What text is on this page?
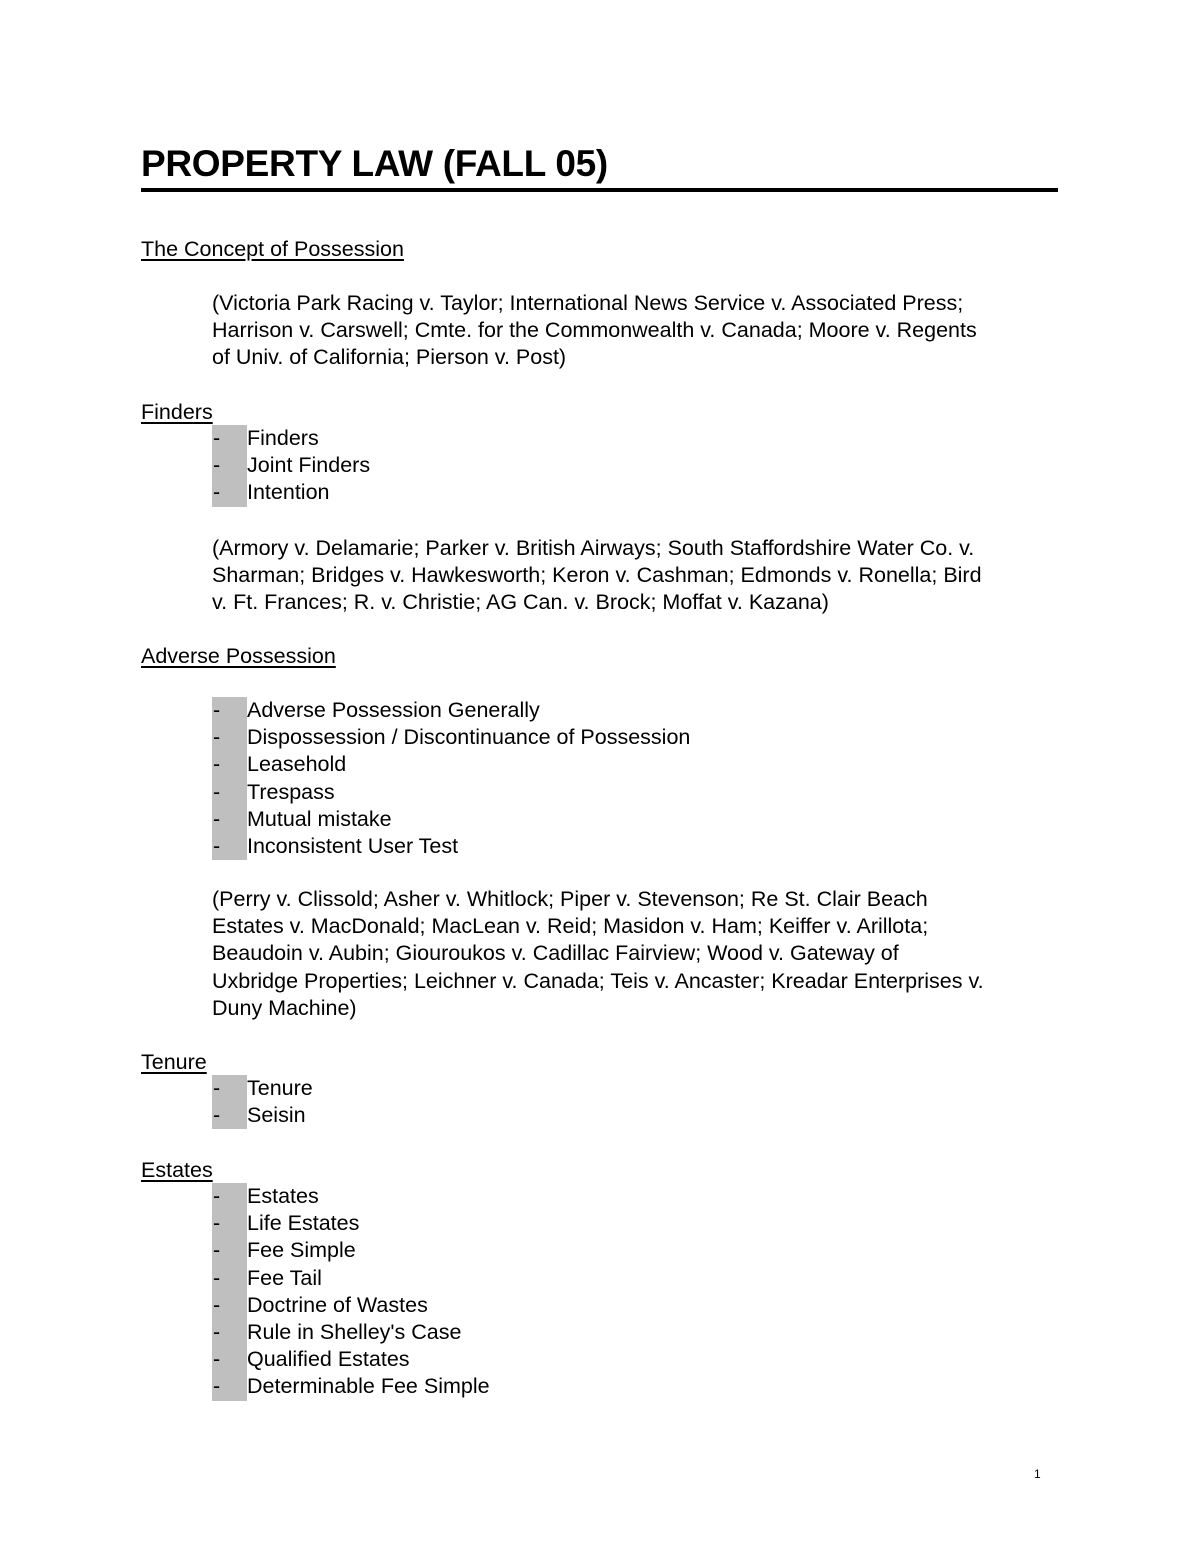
PROPERTY LAW (FALL 05)
The Concept of Possession
(Victoria Park Racing v. Taylor; International News Service v. Associated Press;
Harrison v. Carswell; Cmte. for the Commonwealth v. Canada; Moore v. Regents
of Univ. of California; Pierson v. Post)
Finders
- Finders
- Joint Finders
- Intention
(Armory v. Delamarie; Parker v. British Airways; South Staffordshire Water Co. v.
Sharman; Bridges v. Hawkesworth; Keron v. Cashman; Edmonds v. Ronella; Bird
v. Ft. Frances; R. v. Christie; AG Can. v. Brock; Moffat v. Kazana)
Adverse Possession
- Adverse Possession Generally
- Dispossession / Discontinuance of Possession
- Leasehold
- Trespass
- Mutual mistake
- Inconsistent User Test
(Perry v. Clissold; Asher v. Whitlock; Piper v. Stevenson; Re St. Clair Beach
Estates v. MacDonald; MacLean v. Reid; Masidon v. Ham; Keiffer v. Arillota;
Beaudoin v. Aubin; Giouroukos v. Cadillac Fairview; Wood v. Gateway of
Uxbridge Properties; Leichner v. Canada; Teis v. Ancaster; Kreadar Enterprises v.
Duny Machine)
Tenure
- Tenure
- Seisin
Estates
- Estates
- Life Estates
- Fee Simple
- Fee Tail
- Doctrine of Wastes
- Rule in Shelley's Case
- Qualified Estates
- Determinable Fee Simple
1
